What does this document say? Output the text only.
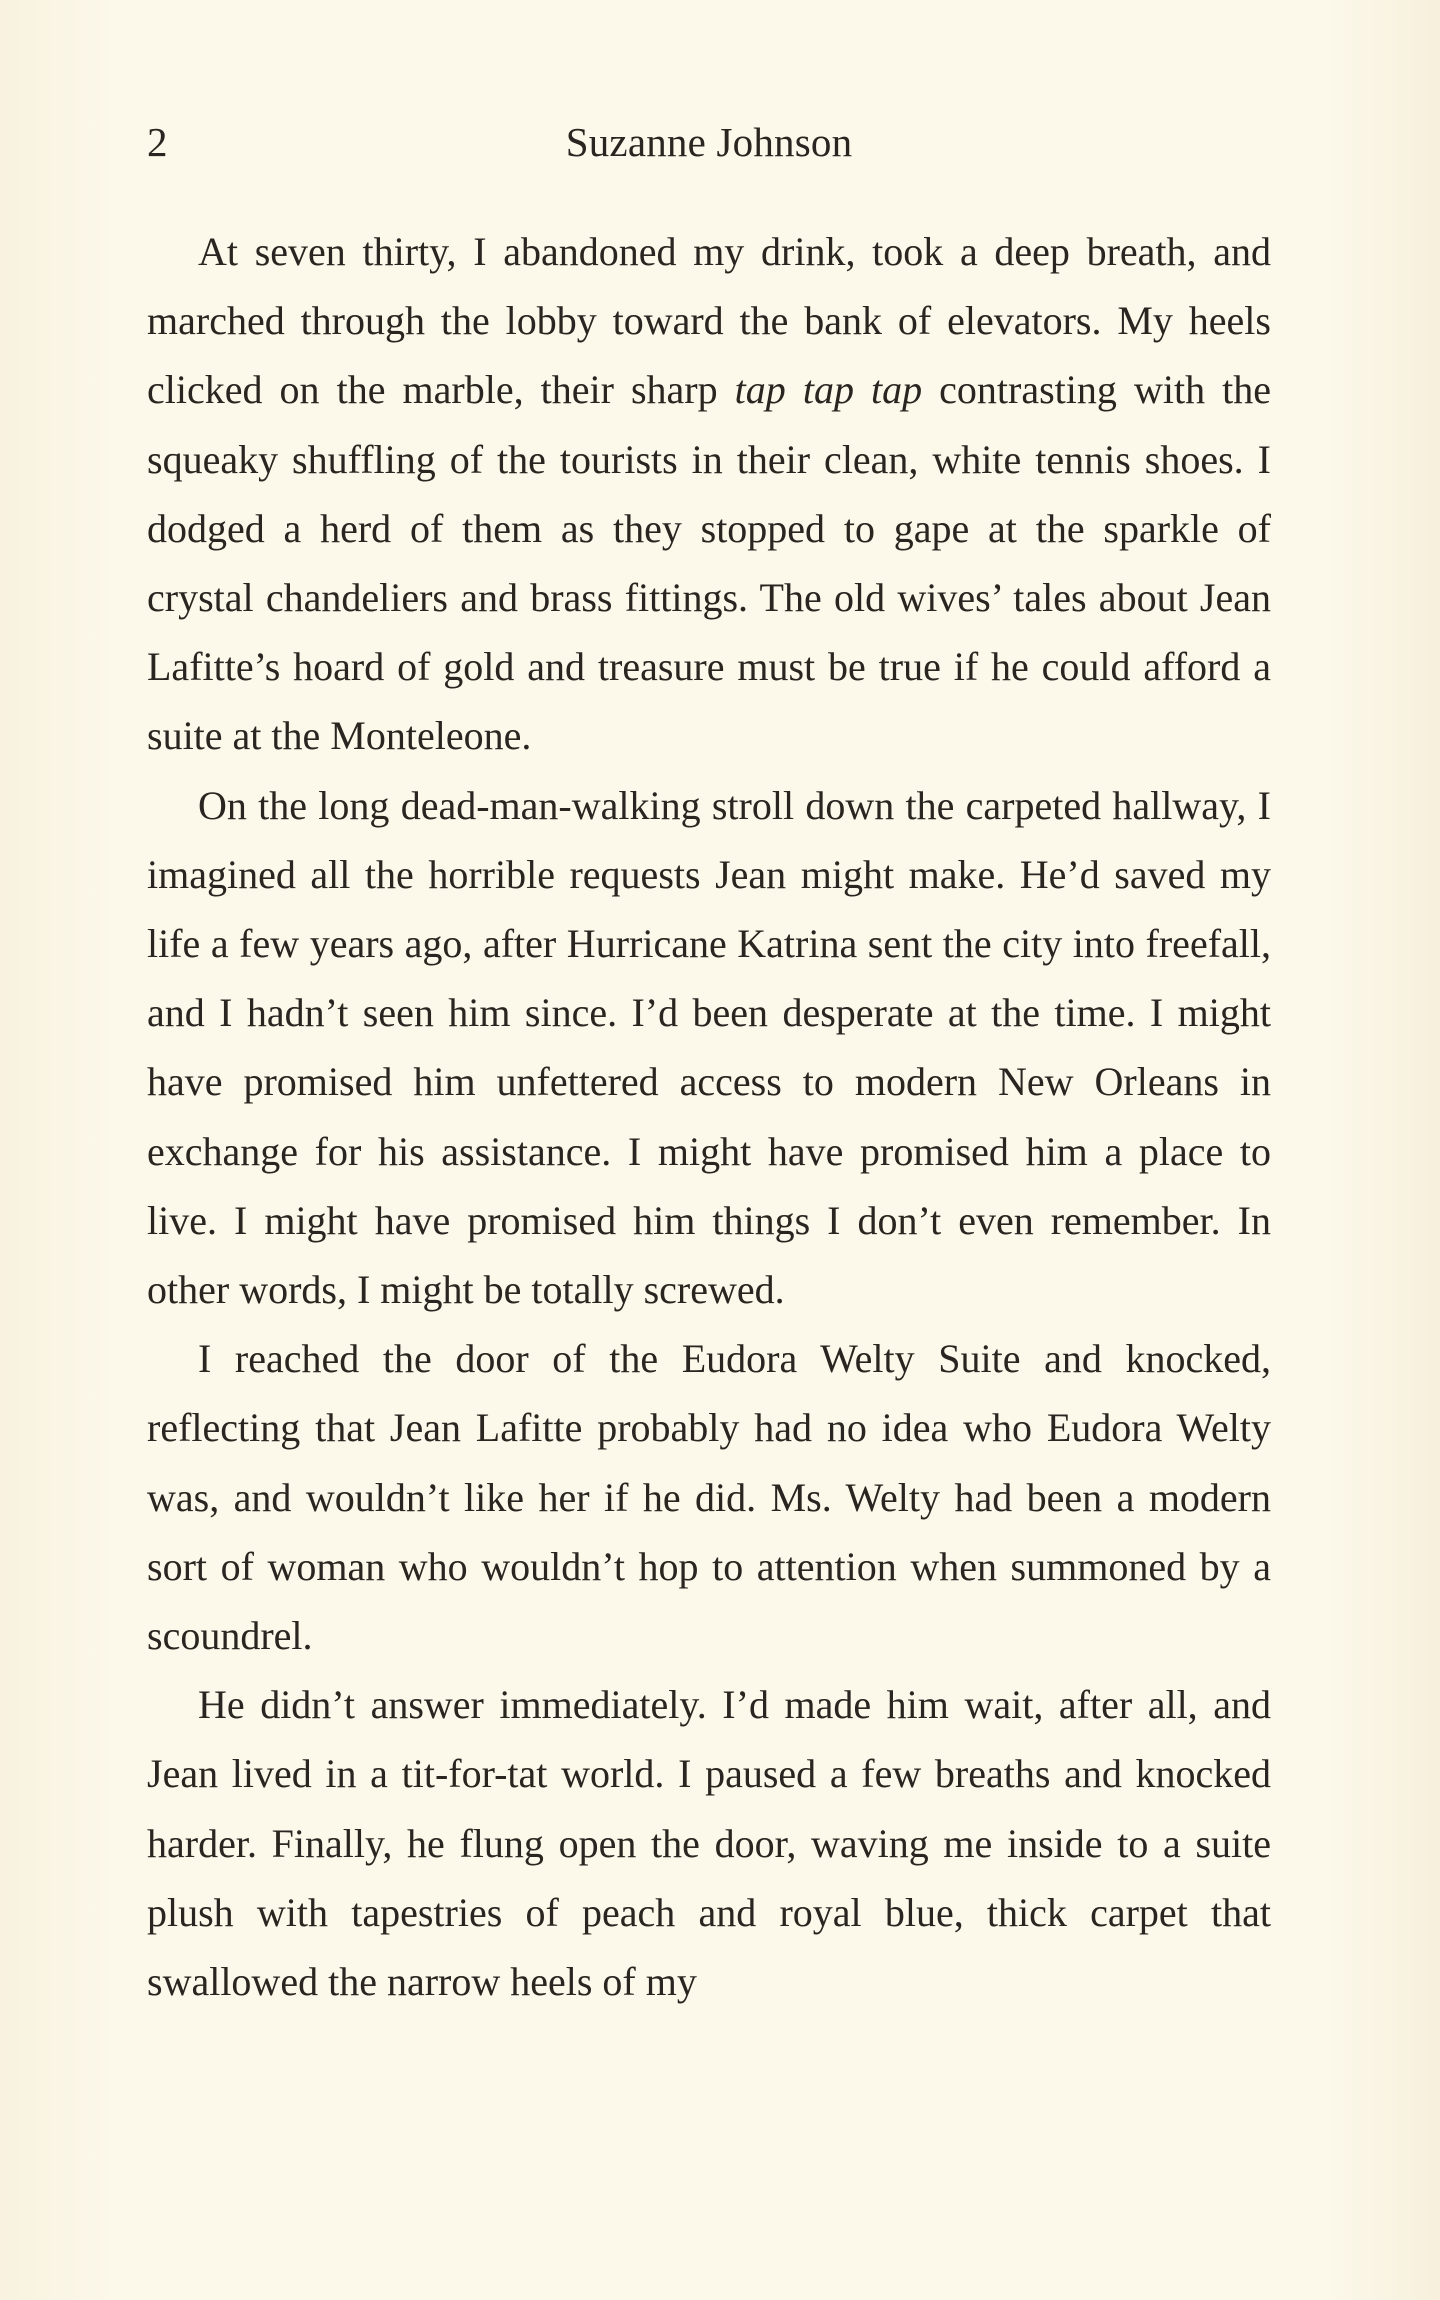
2	Suzanne Johnson

At seven thirty, I abandoned my drink, took a deep breath, and marched through the lobby toward the bank of elevators. My heels clicked on the marble, their sharp tap tap tap contrasting with the squeaky shuffling of the tourists in their clean, white tennis shoes. I dodged a herd of them as they stopped to gape at the sparkle of crystal chandeliers and brass fittings. The old wives’ tales about Jean Lafitte’s hoard of gold and treasure must be true if he could afford a suite at the Monteleone.

On the long dead-man-walking stroll down the carpeted hallway, I imagined all the horrible requests Jean might make. He’d saved my life a few years ago, after Hurricane Katrina sent the city into freefall, and I hadn’t seen him since. I’d been desperate at the time. I might have promised him unfettered access to modern New Orleans in exchange for his assistance. I might have promised him a place to live. I might have promised him things I don’t even remember. In other words, I might be totally screwed.

I reached the door of the Eudora Welty Suite and knocked, reflecting that Jean Lafitte probably had no idea who Eudora Welty was, and wouldn’t like her if he did. Ms. Welty had been a modern sort of woman who wouldn’t hop to attention when summoned by a scoundrel.

He didn’t answer immediately. I’d made him wait, after all, and Jean lived in a tit-for-tat world. I paused a few breaths and knocked harder. Finally, he flung open the door, waving me inside to a suite plush with tapestries of peach and royal blue, thick carpet that swallowed the narrow heels of my
